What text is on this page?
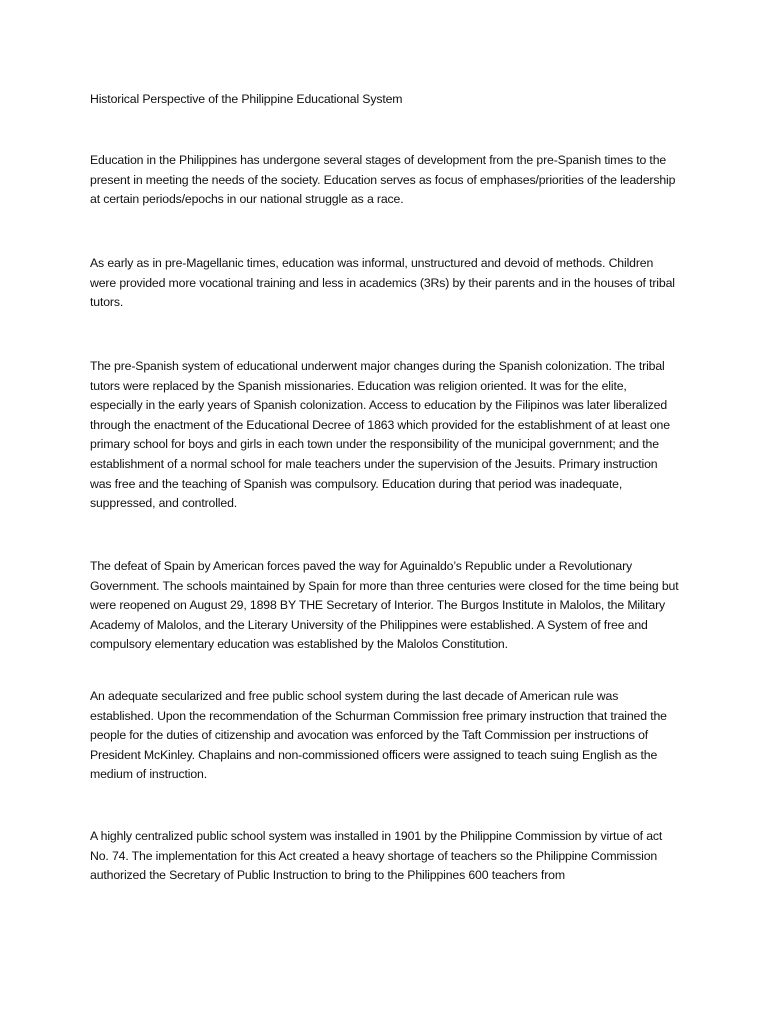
Historical Perspective of the Philippine Educational System

Education in the Philippines has undergone several stages of development from the pre-Spanish times to the present in meeting the needs of the society. Education serves as focus of emphases/priorities of the leadership at certain periods/epochs in our national struggle as a race.

As early as in pre-Magellanic times, education was informal, unstructured and devoid of methods. Children were provided more vocational training and less in academics (3Rs) by their parents and in the houses of tribal tutors.

The pre-Spanish system of educational underwent major changes during the Spanish colonization. The tribal tutors were replaced by the Spanish missionaries. Education was religion oriented. It was for the elite, especially in the early years of Spanish colonization. Access to education by the Filipinos was later liberalized through the enactment of the Educational Decree of 1863 which provided for the establishment of at least one primary school for boys and girls in each town under the responsibility of the municipal government; and the establishment of a normal school for male teachers under the supervision of the Jesuits. Primary instruction was free and the teaching of Spanish was compulsory. Education during that period was inadequate, suppressed, and controlled.

The defeat of Spain by American forces paved the way for Aguinaldo’s Republic under a Revolutionary Government. The schools maintained by Spain for more than three centuries were closed for the time being but were reopened on August 29, 1898 BY THE Secretary of Interior. The Burgos Institute in Malolos, the Military Academy of Malolos, and the Literary University of the Philippines were established. A System of free and compulsory elementary education was established by the Malolos Constitution.

An adequate secularized and free public school system during the last decade of American rule was established. Upon the recommendation of the Schurman Commission free primary instruction that trained the people for the duties of citizenship and avocation was enforced by the Taft Commission per instructions of President McKinley. Chaplains and non-commissioned officers were assigned to teach suing English as the medium of instruction.

A highly centralized public school system was installed in 1901 by the Philippine Commission by virtue of act No. 74. The implementation for this Act created a heavy shortage of teachers so the Philippine Commission authorized the Secretary of Public Instruction to bring to the Philippines 600 teachers from
